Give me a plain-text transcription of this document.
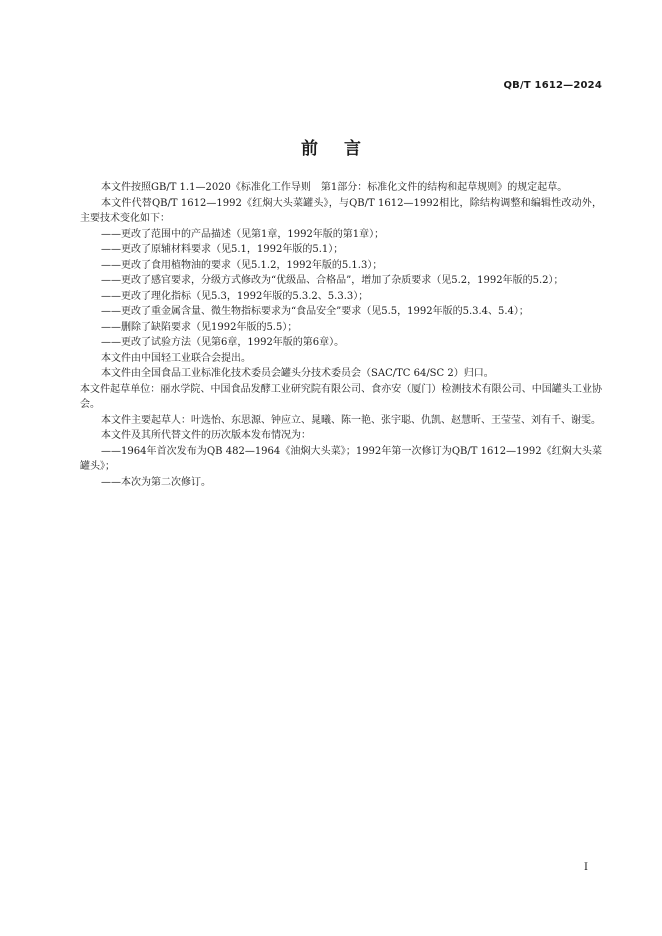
QB/T 1612—2024
前言

本文件按照GB/T 1.1—2020《标准化工作导则　第1部分：标准化文件的结构和起草规则》的规定起草。

本文件代替QB/T 1612—1992《红焖大头菜罐头》，与QB/T 1612—1992相比，除结构调整和编辑性改动外，主要技术变化如下：

——更改了范围中的产品描述（见第1章，1992年版的第1章）；

——更改了原辅材料要求（见5.1，1992年版的5.1）；

——更改了食用植物油的要求（见5.1.2，1992年版的5.1.3）；

——更改了感官要求，分级方式修改为“优级品、合格品”，增加了杂质要求（见5.2，1992年版的5.2）；

——更改了理化指标（见5.3，1992年版的5.3.2、5.3.3）；

——更改了重金属含量、微生物指标要求为“食品安全”要求（见5.5，1992年版的5.3.4、5.4）；

——删除了缺陷要求（见1992年版的5.5）；

——更改了试验方法（见第6章，1992年版的第6章）。

本文件由中国轻工业联合会提出。

本文件由全国食品工业标准化技术委员会罐头分技术委员会（SAC/TC 64/SC 2）归口。

本文件起草单位：丽水学院、中国食品发酵工业研究院有限公司、食亦安（厦门）检测技术有限公司、中国罐头工业协会。

本文件主要起草人：叶选怡、东思源、钟应立、晁曦、陈一艳、张宇聪、仇凯、赵慧昕、王莹莹、刘有千、谢雯。

本文件及其所代替文件的历次版本发布情况为：

——1964年首次发布为QB 482—1964《油焖大头菜》；1992年第一次修订为QB/T 1612—1992《红焖大头菜罐头》；

——本次为第二次修订。

I
